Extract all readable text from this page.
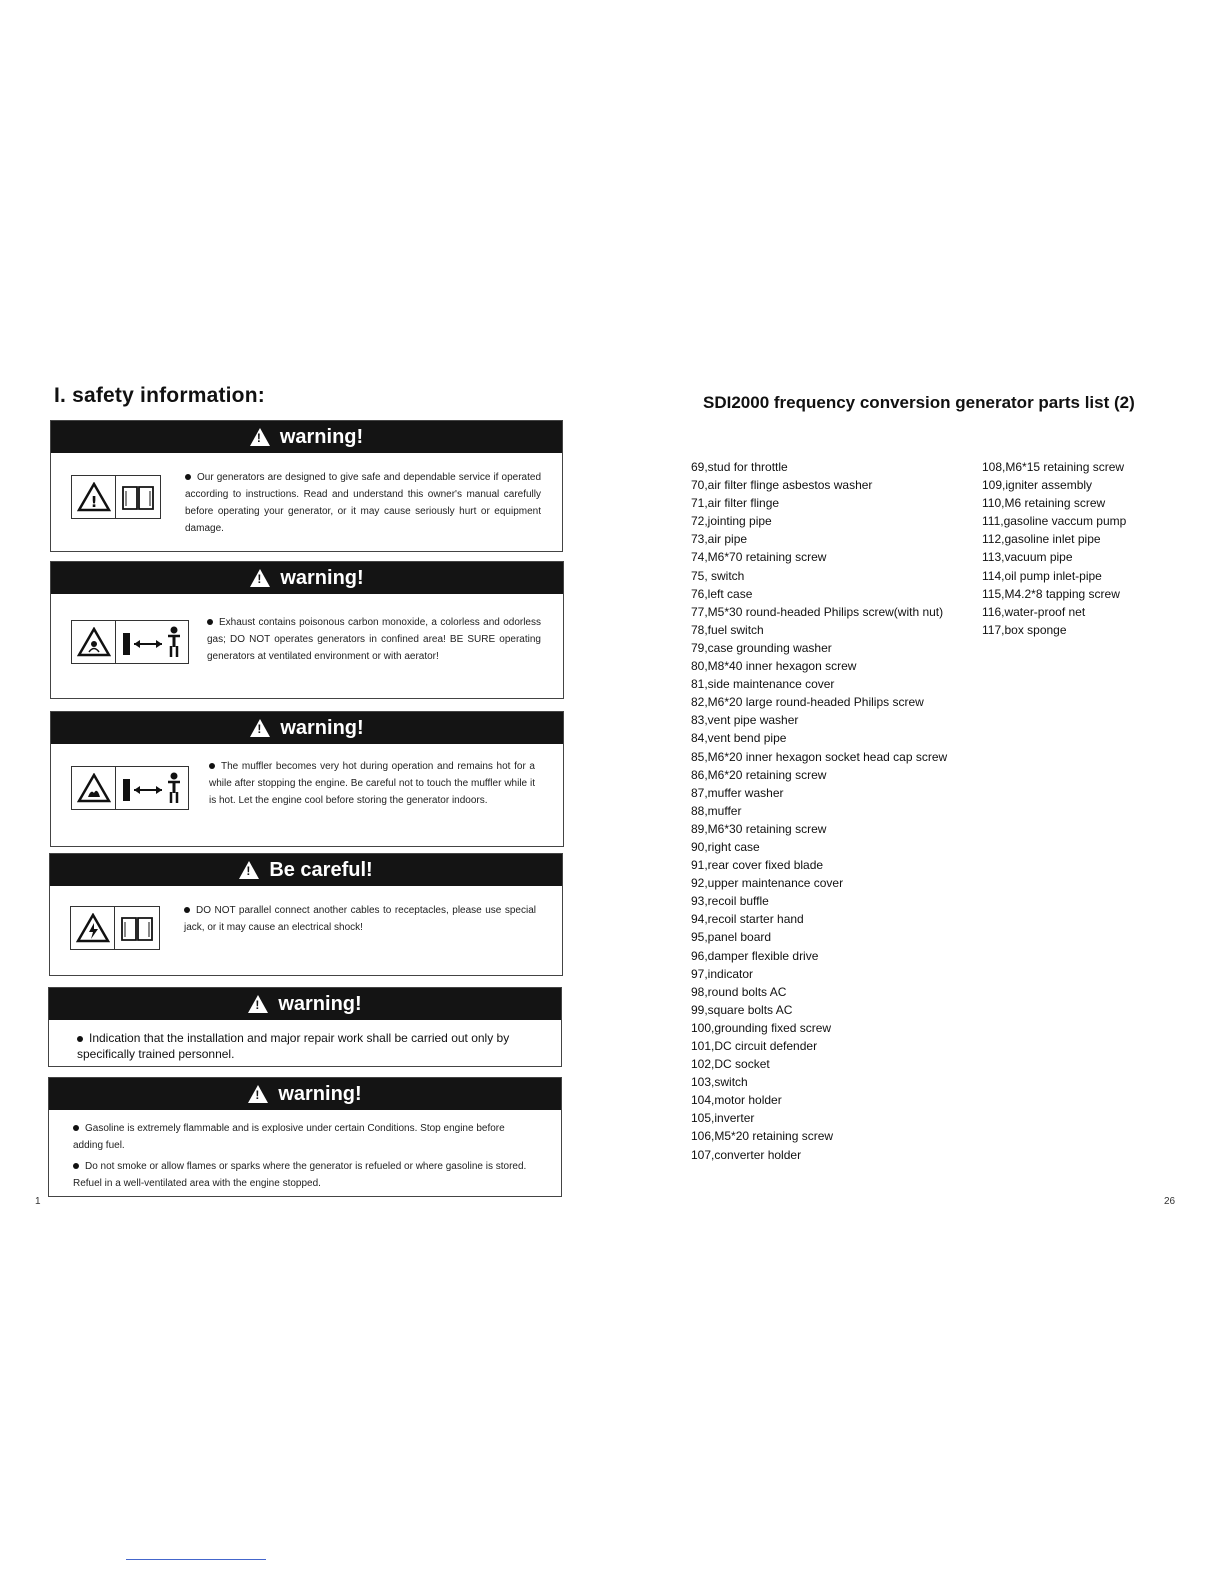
I. safety information:
!
warning!
!
Our generators are designed to give safe and dependable service if operated according to instructions. Read and understand this owner's manual carefully before operating your generator, or it may cause seriously hurt or equipment damage.
!
warning!
Exhaust contains poisonous carbon monoxide, a colorless and odorless gas; DO NOT operates generators in confined area! BE SURE operating generators at ventilated environment or with aerator!
!
warning!
The muffler becomes very hot during operation and remains hot for a while after stopping the engine. Be careful not to touch the muffler while it is hot. Let the engine cool before storing the generator indoors.
!
Be careful!
DO NOT parallel connect another cables to receptacles, please use special jack, or it may cause an electrical shock!
!
warning!

Indication that the installation and major repair work shall be carried out only by specifically trained personnel.

!
warning!

Gasoline is extremely flammable and is explosive under certain Conditions. Stop engine before adding fuel.

Do not smoke or allow flames or sparks where the generator is refueled or where gasoline is stored. Refuel in a well-ventilated area with the engine stopped.

1
SDI2000 frequency conversion generator parts list (2)
69,stud for throttle
70,air filter flinge asbestos washer
71,air filter flinge
72,jointing pipe
73,air pipe
74,M6*70 retaining screw
75, switch
76,left case
77,M5*30 round-headed Philips screw(with nut)
78,fuel switch
79,case grounding washer
80,M8*40 inner hexagon screw
81,side maintenance cover
82,M6*20 large round-headed Philips screw
83,vent pipe washer
84,vent bend pipe
85,M6*20 inner hexagon socket head cap screw
86,M6*20 retaining screw
87,muffer washer
88,muffer
89,M6*30 retaining screw
90,right case
91,rear cover fixed blade
92,upper maintenance cover
93,recoil buffle
94,recoil starter hand
95,panel board
96,damper flexible drive
97,indicator
98,round bolts AC
99,square bolts AC
100,grounding fixed screw
101,DC circuit defender
102,DC socket
103,switch
104,motor holder
105,inverter
106,M5*20 retaining screw
107,converter holder
108,M6*15 retaining screw
109,igniter assembly
110,M6 retaining screw
111,gasoline vaccum pump
112,gasoline inlet pipe
113,vacuum pipe
114,oil pump inlet-pipe
115,M4.2*8 tapping screw
116,water-proof net
117,box sponge
26
